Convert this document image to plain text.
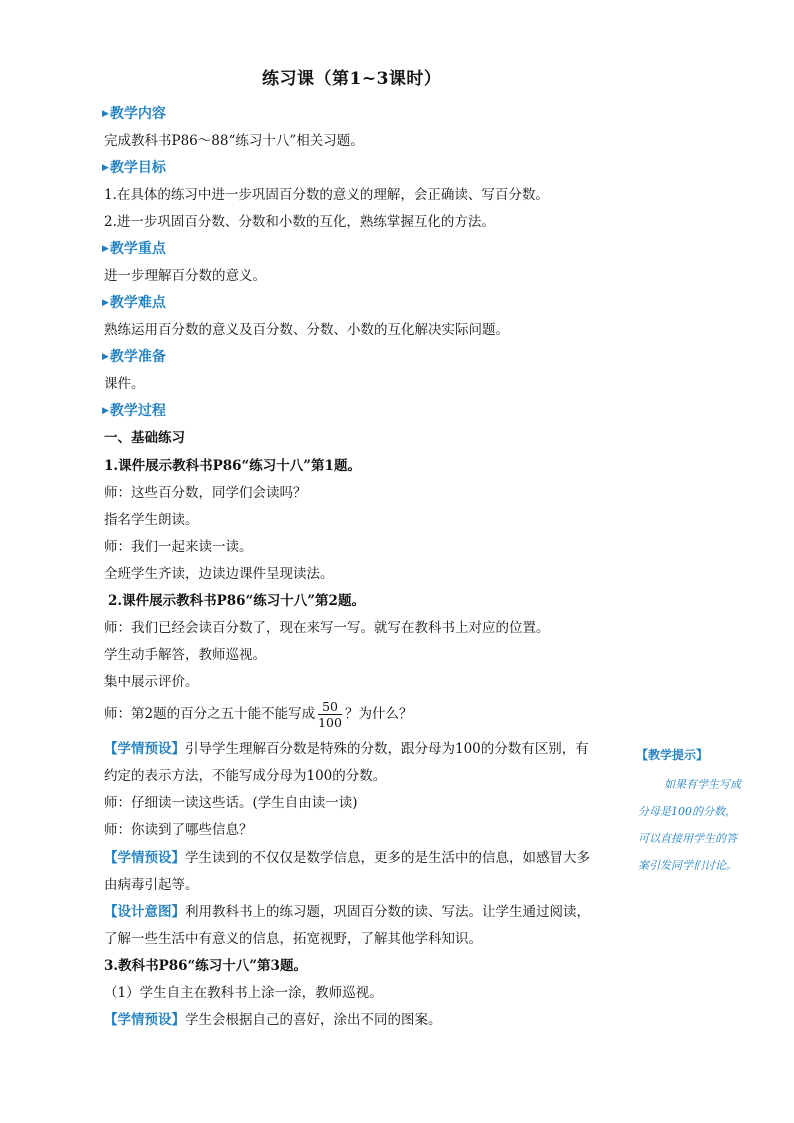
练习课（第1~3课时）
▶教学内容
完成教科书P86～88“练习十八”相关习题。
▶教学目标
1.在具体的练习中进一步巩固百分数的意义的理解，会正确读、写百分数。
2.进一步巩固百分数、分数和小数的互化，熟练掌握互化的方法。
▶教学重点
进一步理解百分数的意义。
▶教学难点
熟练运用百分数的意义及百分数、分数、小数的互化解决实际问题。
▶教学准备
课件。
▶教学过程
一、基础练习
1.课件展示教科书P86“练习十八”第1题。
师：这些百分数，同学们会读吗？
指名学生朗读。
师：我们一起来读一读。
全班学生齐读，边读边课件呈现读法。
2.课件展示教科书P86“练习十八”第2题。
师：我们已经会读百分数了，现在来写一写。就写在教科书上对应的位置。
学生动手解答，教师巡视。
集中展示评价。
师：第2题的百分之五十能不能写成 $\frac{50}{100}$ ？为什么？
【学情预设】引导学生理解百分数是特殊的分数，跟分母为100的分数有区别，有
约定的表示方法，不能写成分母为100的分数。
师：仔细读一读这些话。(学生自由读一读)
师：你读到了哪些信息？
【学情预设】学生读到的不仅仅是数学信息，更多的是生活中的信息，如感冒大多
由病毒引起等。
【设计意图】利用教科书上的练习题，巩固百分数的读、写法。让学生通过阅读，
了解一些生活中有意义的信息，拓宽视野，了解其他学科知识。
3.教科书P86“练习十八”第3题。
（1）学生自主在教科书上涂一涂，教师巡视。
【学情预设】学生会根据自己的喜好，涂出不同的图案。
【教学提示】
如果有学生写成
分母是100的分数，
可以直接用学生的答
案引发同学们讨论。
